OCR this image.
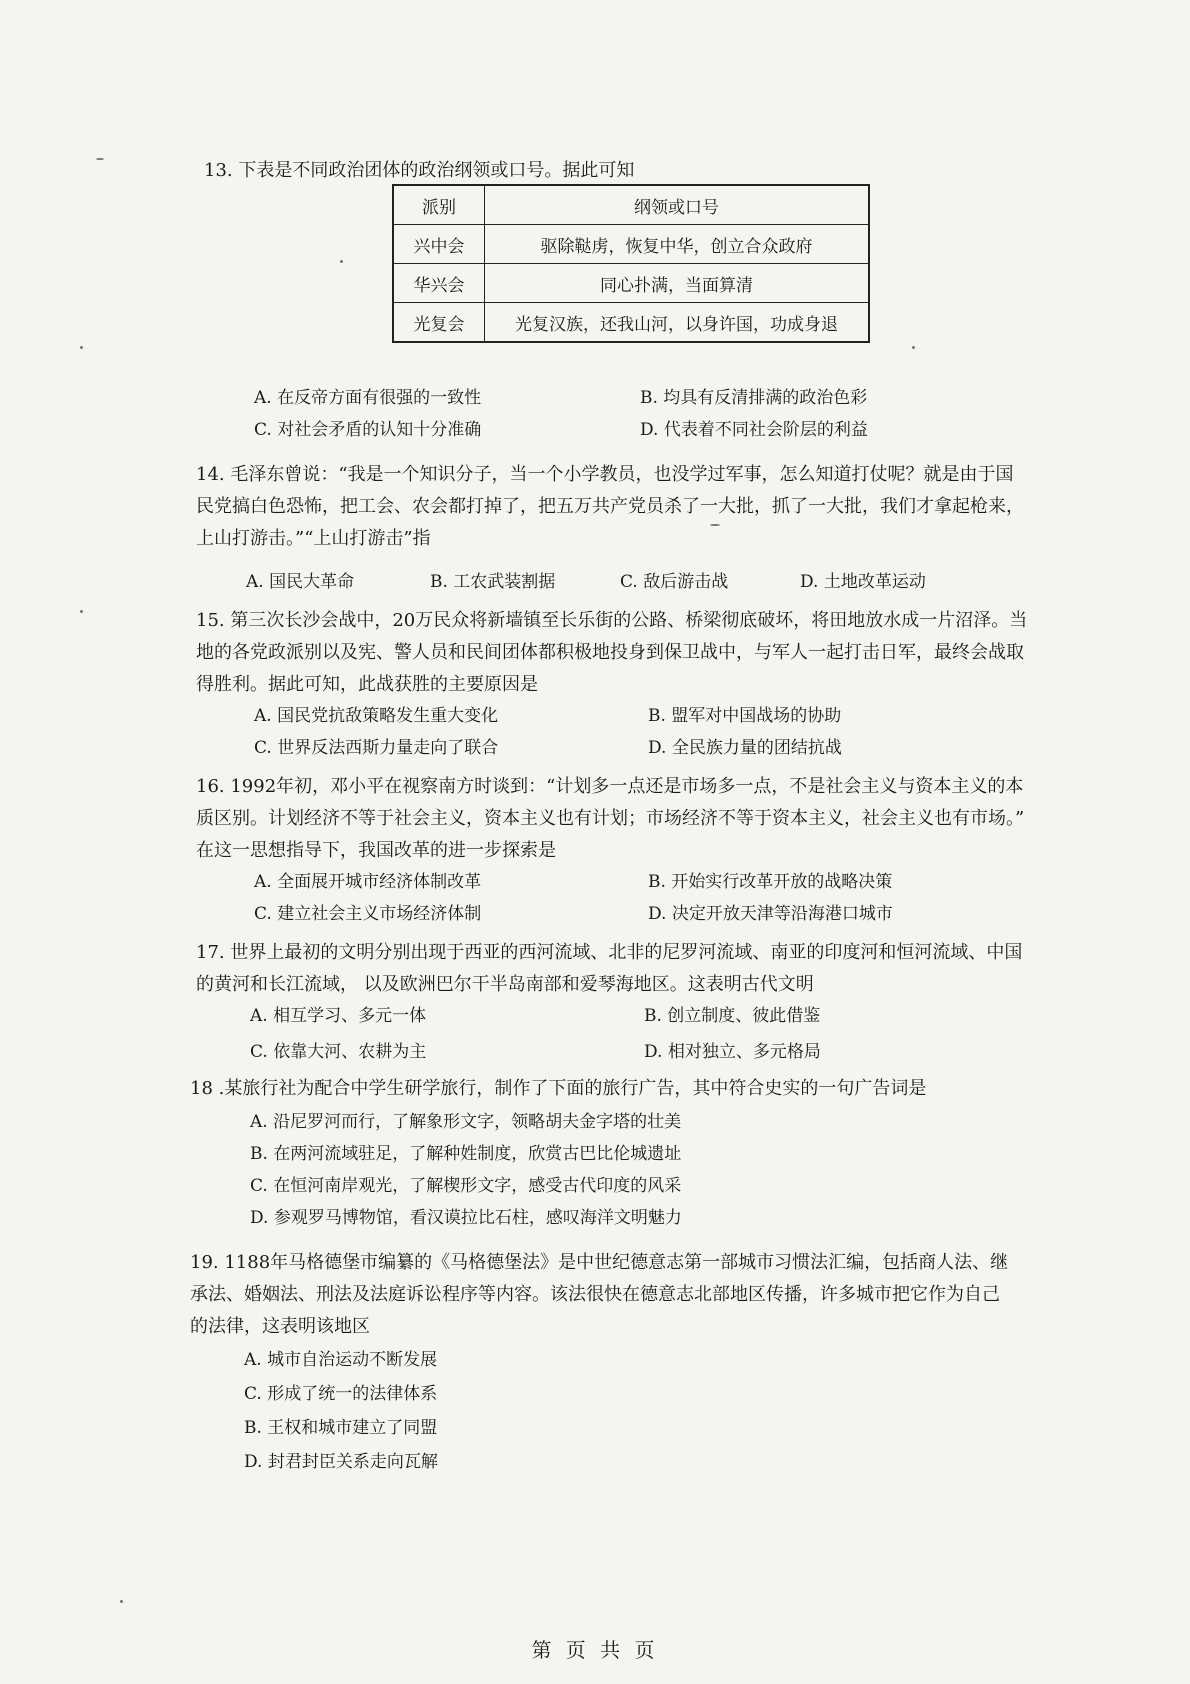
13. 下表是不同政治团体的政治纲领或口号。据此可知
派别	纲领或口号
兴中会	驱除鞑虏，恢复中华，创立合众政府
华兴会	同心扑满，当面算清
光复会	光复汉族，还我山河，以身许国，功成身退
A. 在反帝方面有很强的一致性	B. 均具有反清排满的政治色彩
C. 对社会矛盾的认知十分准确	D. 代表着不同社会阶层的利益
14. 毛泽东曾说：“我是一个知识分子，当一个小学教员，也没学过军事，怎么知道打仗呢？就是由于国
民党搞白色恐怖，把工会、农会都打掉了，把五万共产党员杀了一大批，抓了一大批，我们才拿起枪来，
上山打游击。”“上山打游击”指
A. 国民大革命	B. 工农武装割据	C. 敌后游击战	D. 土地改革运动
15. 第三次长沙会战中，20万民众将新墙镇至长乐街的公路、桥梁彻底破坏，将田地放水成一片沼泽。当
地的各党政派别以及宪、警人员和民间团体都积极地投身到保卫战中，与军人一起打击日军，最终会战取
得胜利。据此可知，此战获胜的主要原因是
A. 国民党抗敌策略发生重大变化	B. 盟军对中国战场的协助
C. 世界反法西斯力量走向了联合	D. 全民族力量的团结抗战
16. 1992年初，邓小平在视察南方时谈到：“计划多一点还是市场多一点，不是社会主义与资本主义的本
质区别。计划经济不等于社会主义，资本主义也有计划；市场经济不等于资本主义，社会主义也有市场。”
在这一思想指导下，我国改革的进一步探索是
A. 全面展开城市经济体制改革	B. 开始实行改革开放的战略决策
C. 建立社会主义市场经济体制	D. 决定开放天津等沿海港口城市
17. 世界上最初的文明分别出现于西亚的西河流域、北非的尼罗河流域、南亚的印度河和恒河流域、中国
的黄河和长江流域， 以及欧洲巴尔干半岛南部和爱琴海地区。这表明古代文明
A. 相互学习、多元一体	B. 创立制度、彼此借鉴
C. 依靠大河、农耕为主	D. 相对独立、多元格局
18 .某旅行社为配合中学生研学旅行，制作了下面的旅行广告，其中符合史实的一句广告词是
A. 沿尼罗河而行，了解象形文字，领略胡夫金字塔的壮美
B. 在两河流域驻足，了解种姓制度，欣赏古巴比伦城遗址
C. 在恒河南岸观光，了解楔形文字，感受古代印度的风采
D. 参观罗马博物馆，看汉谟拉比石柱，感叹海洋文明魅力
19. 1188年马格德堡市编纂的《马格德堡法》是中世纪德意志第一部城市习惯法汇编，包括商人法、继
承法、婚姻法、刑法及法庭诉讼程序等内容。该法很快在德意志北部地区传播，许多城市把它作为自己
的法律，这表明该地区
A. 城市自治运动不断发展
C. 形成了统一的法律体系
B. 王权和城市建立了同盟
D. 封君封臣关系走向瓦解
第 页 共 页
